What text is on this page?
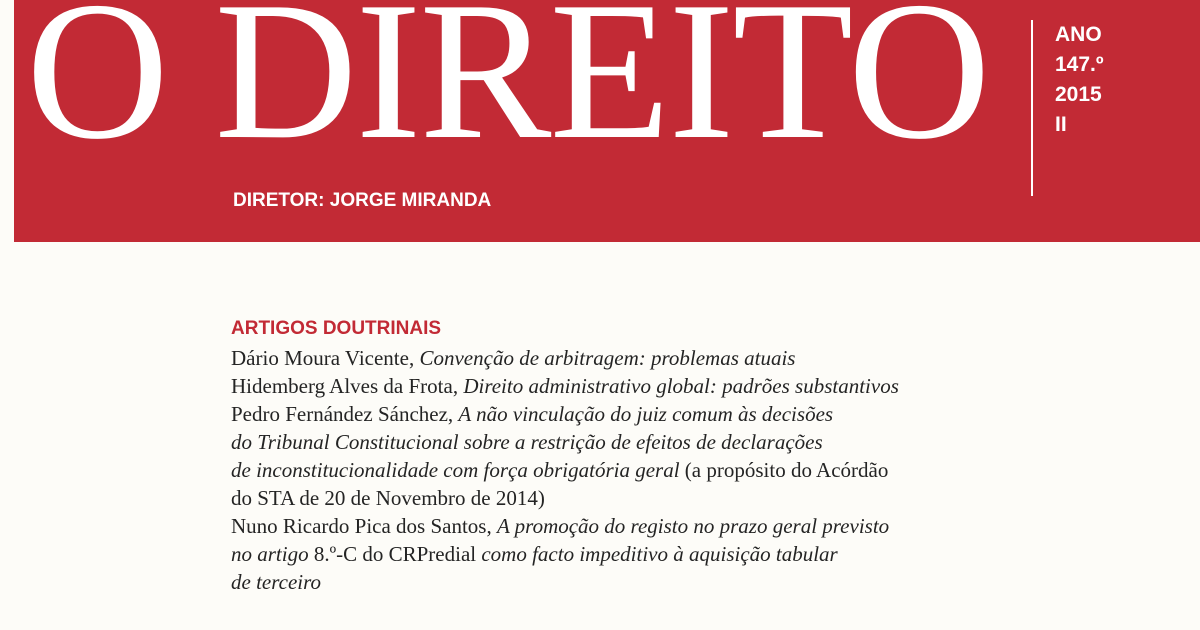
O DIREITO	ANO
147.º
2015
II
DIRETOR: JORGE MIRANDA
ARTIGOS DOUTRINAIS
Dário Moura Vicente, Convenção de arbitragem: problemas atuais
Hidemberg Alves da Frota, Direito administrativo global: padrões substantivos
Pedro Fernández Sánchez, A não vinculação do juiz comum às decisões
do Tribunal Constitucional sobre a restrição de efeitos de declarações
de inconstitucionalidade com força obrigatória geral (a propósito do Acórdão
do STA de 20 de Novembro de 2014)
Nuno Ricardo Pica dos Santos, A promoção do registo no prazo geral previsto
no artigo 8.º-C do CRPredial como facto impeditivo à aquisição tabular
de terceiro
